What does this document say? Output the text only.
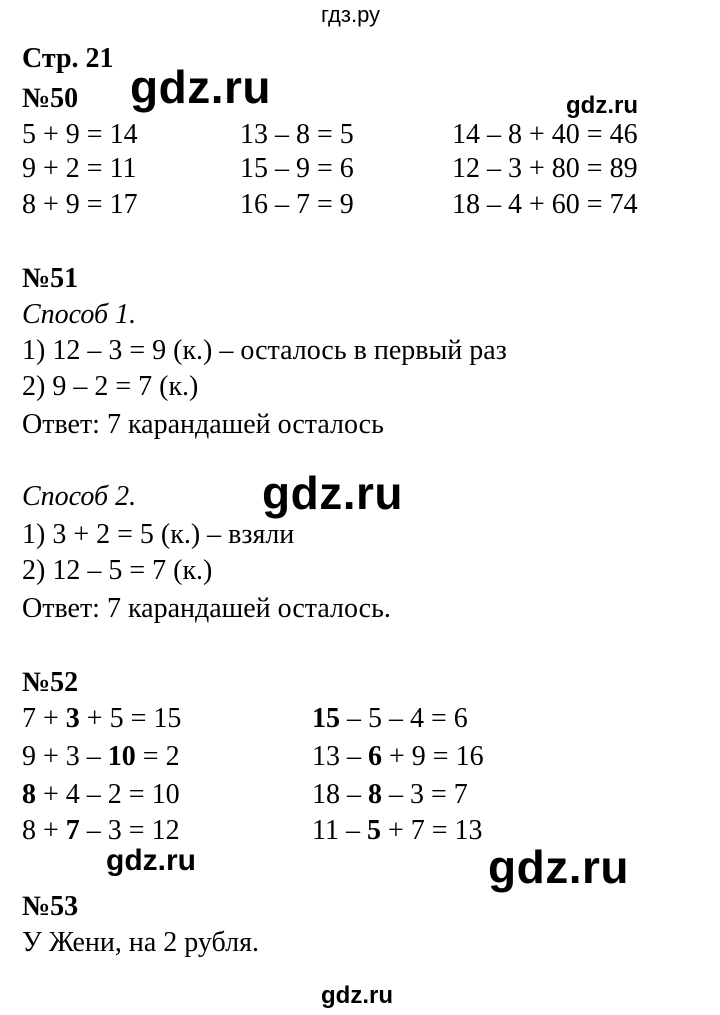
гдз.ру
Стр. 21
№50
5 + 9 = 14
9 + 2 = 11
8 + 9 = 17
13 – 8 = 5
15 – 9 = 6
16 – 7 = 9
14 – 8 + 40 = 46
12 – 3 + 80 = 89
18 – 4 + 60 = 74
№51
Способ 1.
1) 12 – 3 = 9 (к.) – осталось в первый раз
2) 9 – 2 = 7 (к.)
Ответ: 7 карандашей осталось
Способ 2.
1) 3 + 2 = 5 (к.) – взяли
2) 12 – 5 = 7 (к.)
Ответ: 7 карандашей осталось.
№52
7 + 3 + 5 = 15
9 + 3 – 10 = 2
8 + 4 – 2 = 10
8 + 7 – 3 = 12
15 – 5 – 4 = 6
13 – 6 + 9 = 16
18 – 8 – 3 = 7
11 – 5 + 7 = 13
№53
У Жени, на 2 рубля.
gdz.ru	gdz.ru
gdz.ru
gdz.ru	gdz.ru
gdz.ru
